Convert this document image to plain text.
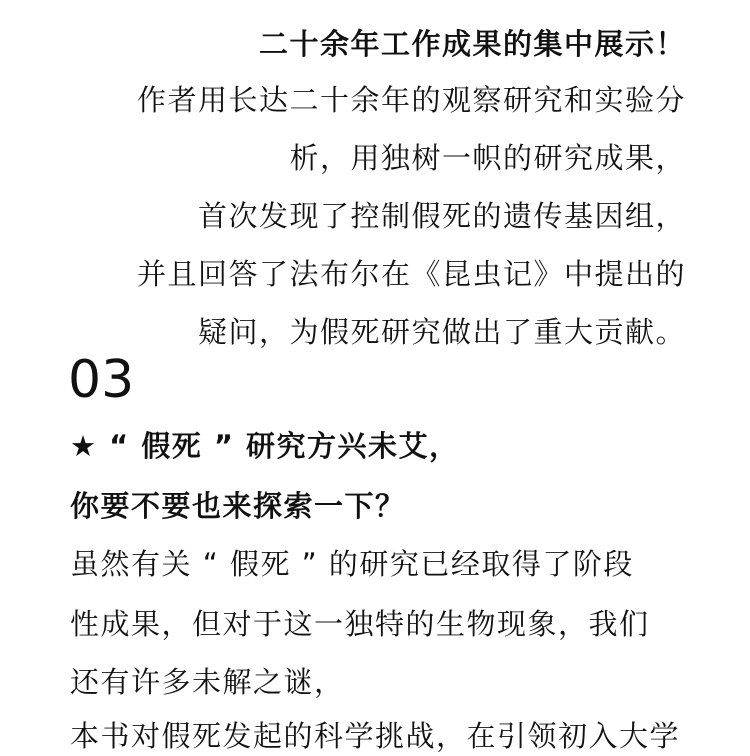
二十余年工作成果的集中展示！
作者用长达二十余年的观察研究和实验分
析，用独树一帜的研究成果，
首次发现了控制假死的遗传基因组，
并且回答了法布尔在《昆虫记》中提出的
疑问，为假死研究做出了重大贡献。
03
★ “ 假死 ” 研究方兴未艾，
你要不要也来探索一下？
虽然有关 “ 假死 ” 的研究已经取得了阶段
性成果，但对于这一独特的生物现象，我们
还有许多未解之谜，
本书对假死发起的科学挑战，在引领初入大学
